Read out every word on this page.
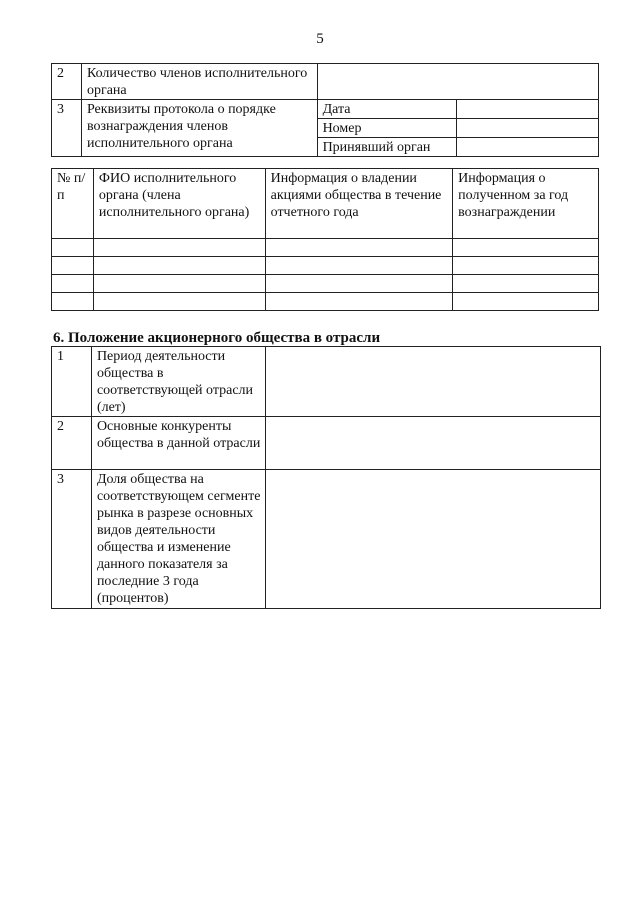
5
2	Количество членов исполнительного органа		
3	Реквизиты протокола о порядке вознаграждения членов исполнительного органа	Дата	
		Номер	
		Принявший орган	
№ п/п	ФИО исполнительного органа (члена исполнительного органа)	Информация о владении акциями общества в течение отчетного года	Информация о полученном за год вознаграждении

6. Положение акционерного общества в отрасли
1	Период деятельности общества в соответствующей отрасли (лет)	
2	Основные конкуренты общества в данной отрасли	
3	Доля общества на соответствующем сегменте рынка в разрезе основных видов деятельности общества и изменение данного показателя за последние 3 года (процентов)	
